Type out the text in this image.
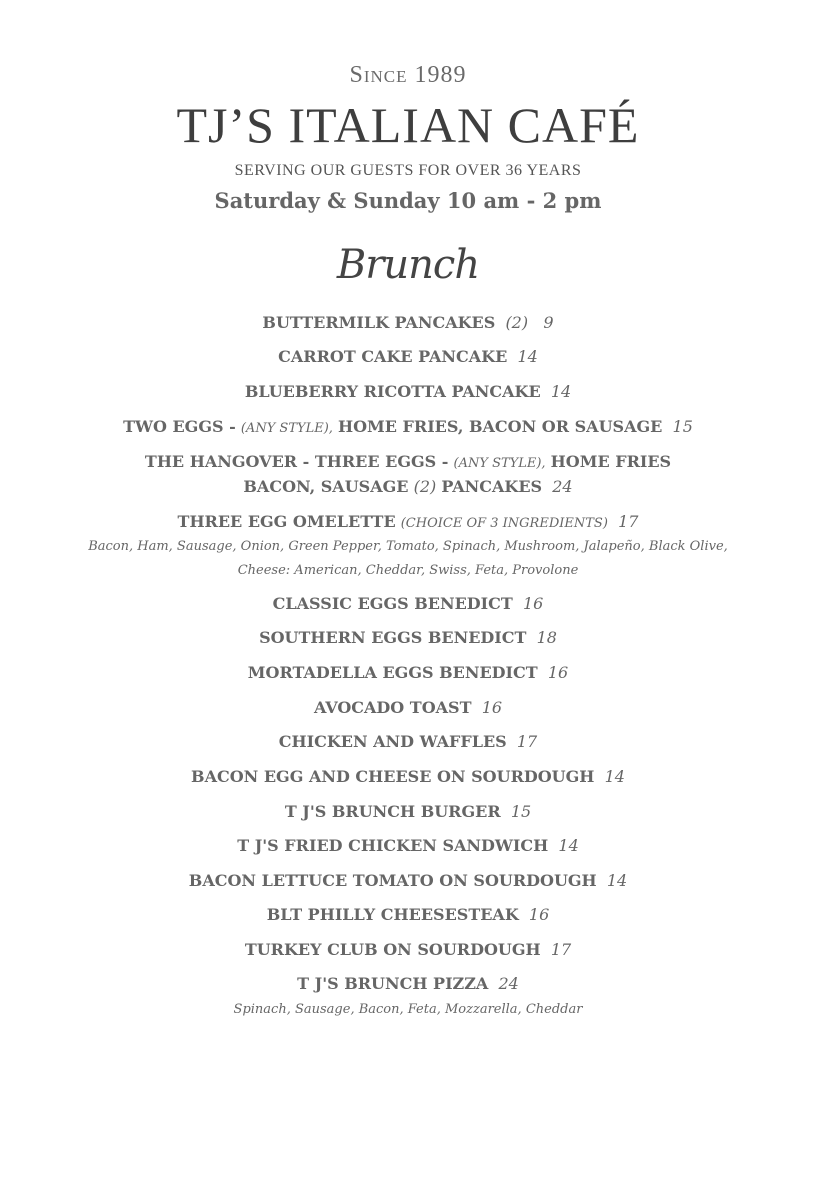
Since 1989
TJ’S ITALIAN CAFÉ
SERVING OUR GUESTS FOR OVER 36 YEARS
Saturday & Sunday 10 am - 2 pm
Brunch
BUTTERMILK PANCAKES (2) 9
CARROT CAKE PANCAKE 14
BLUEBERRY RICOTTA PANCAKE 14
TWO EGGS - (ANY STYLE), HOME FRIES, BACON OR SAUSAGE 15
THE HANGOVER - THREE EGGS - (ANY STYLE), HOME FRIES
BACON, SAUSAGE (2) PANCAKES 24
THREE EGG OMELETTE (CHOICE OF 3 INGREDIENTS) 17
Bacon, Ham, Sausage, Onion, Green Pepper, Tomato, Spinach, Mushroom, Jalapeño, Black Olive,
Cheese: American, Cheddar, Swiss, Feta, Provolone
CLASSIC EGGS BENEDICT 16
SOUTHERN EGGS BENEDICT 18
MORTADELLA EGGS BENEDICT 16
AVOCADO TOAST 16
CHICKEN AND WAFFLES 17
BACON EGG AND CHEESE ON SOURDOUGH 14
T J'S BRUNCH BURGER 15
T J'S FRIED CHICKEN SANDWICH 14
BACON LETTUCE TOMATO ON SOURDOUGH 14
BLT PHILLY CHEESESTEAK 16
TURKEY CLUB ON SOURDOUGH 17
T J'S BRUNCH PIZZA 24
Spinach, Sausage, Bacon, Feta, Mozzarella, Cheddar
